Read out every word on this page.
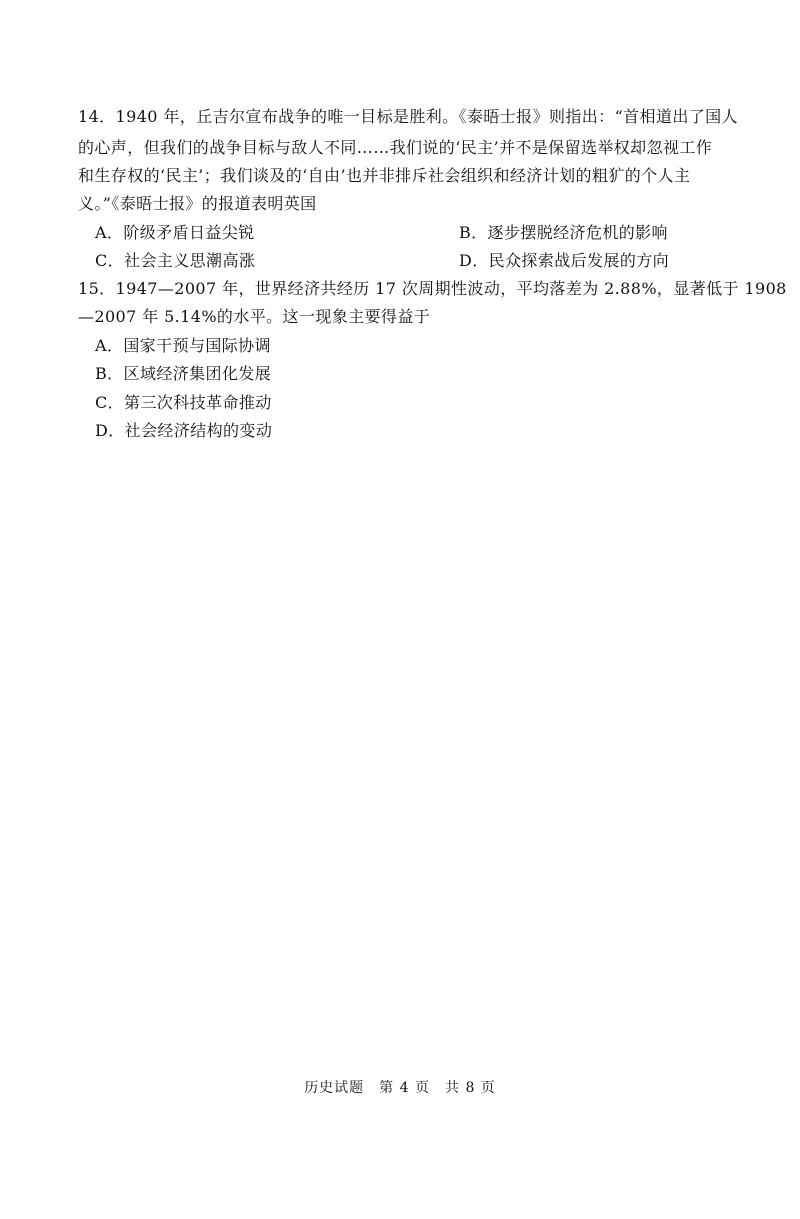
14．1940 年，丘吉尔宣布战争的唯一目标是胜利。《泰晤士报》则指出：“首相道出了国人
的心声，但我们的战争目标与敌人不同……我们说的‘民主’并不是保留选举权却忽视工作
和生存权的‘民主’；我们谈及的‘自由’也并非排斥社会组织和经济计划的粗犷的个人主
义。”《泰晤士报》的报道表明英国
A．阶级矛盾日益尖锐	B．逐步摆脱经济危机的影响
C．社会主义思潮高涨	D．民众探索战后发展的方向
15．1947—2007 年，世界经济共经历 17 次周期性波动，平均落差为 2.88%，显著低于 1908
—2007 年 5.14%的水平。这一现象主要得益于
A．国家干预与国际协调
B．区域经济集团化发展
C．第三次科技革命推动
D．社会经济结构的变动
历史试题　第 4 页　共 8 页
